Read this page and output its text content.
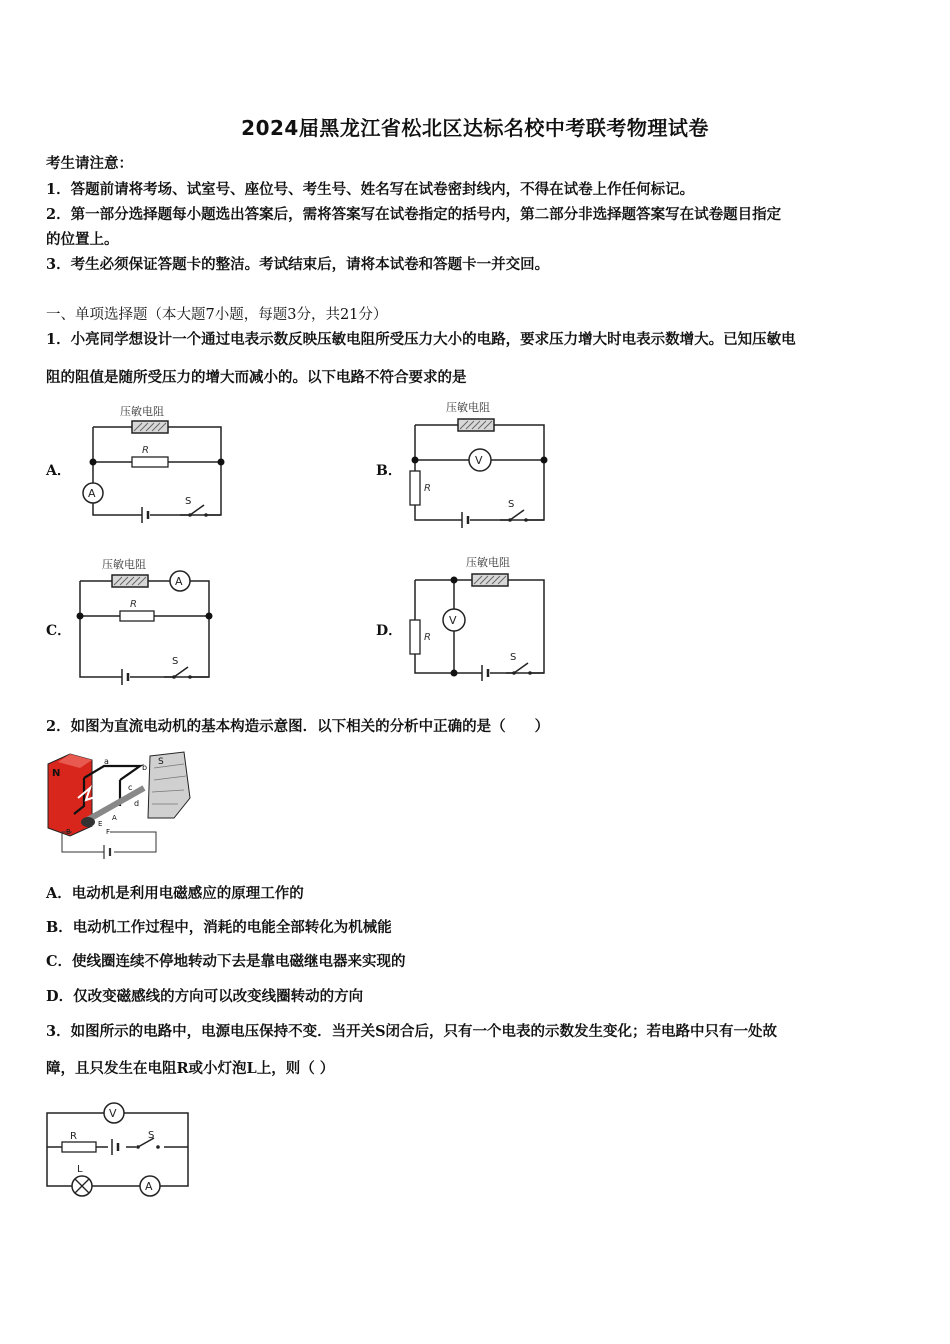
2024届黑龙江省松北区达标名校中考联考物理试卷
考生请注意：
1．答题前请将考场、试室号、座位号、考生号、姓名写在试卷密封线内，不得在试卷上作任何标记。
2．第一部分选择题每小题选出答案后，需将答案写在试卷指定的括号内，第二部分非选择题答案写在试卷题目指定
的位置上。
3．考生必须保证答题卡的整洁。考试结束后，请将本试卷和答题卡一并交回。
一、单项选择题（本大题7小题，每题3分，共21分）
1．小亮同学想设计一个通过电表示数反映压敏电阻所受压力大小的电路，要求压力增大时电表示数增大。已知压敏电
阻的阻值是随所受压力的增大而减小的。以下电路不符合要求的是
A．	B．
C．	D．
压敏电阻
R
A
S
压敏电阻
V
R
S
压敏电阻
A
R
S
压敏电阻
V
R
S
2．如图为直流电动机的基本构造示意图．以下相关的分析中正确的是（　　）
N
S
a
b
c
d
E
F
B
A
A．电动机是利用电磁感应的原理工作的
B．电动机工作过程中，消耗的电能全部转化为机械能
C．使线圈连续不停地转动下去是靠电磁继电器来实现的
D．仅改变磁感线的方向可以改变线圈转动的方向
3．如图所示的电路中，电源电压保持不变．当开关S闭合后，只有一个电表的示数发生变化；若电路中只有一处故
障，且只发生在电阻R或小灯泡L上，则（ ）
V
R	S
L
A
